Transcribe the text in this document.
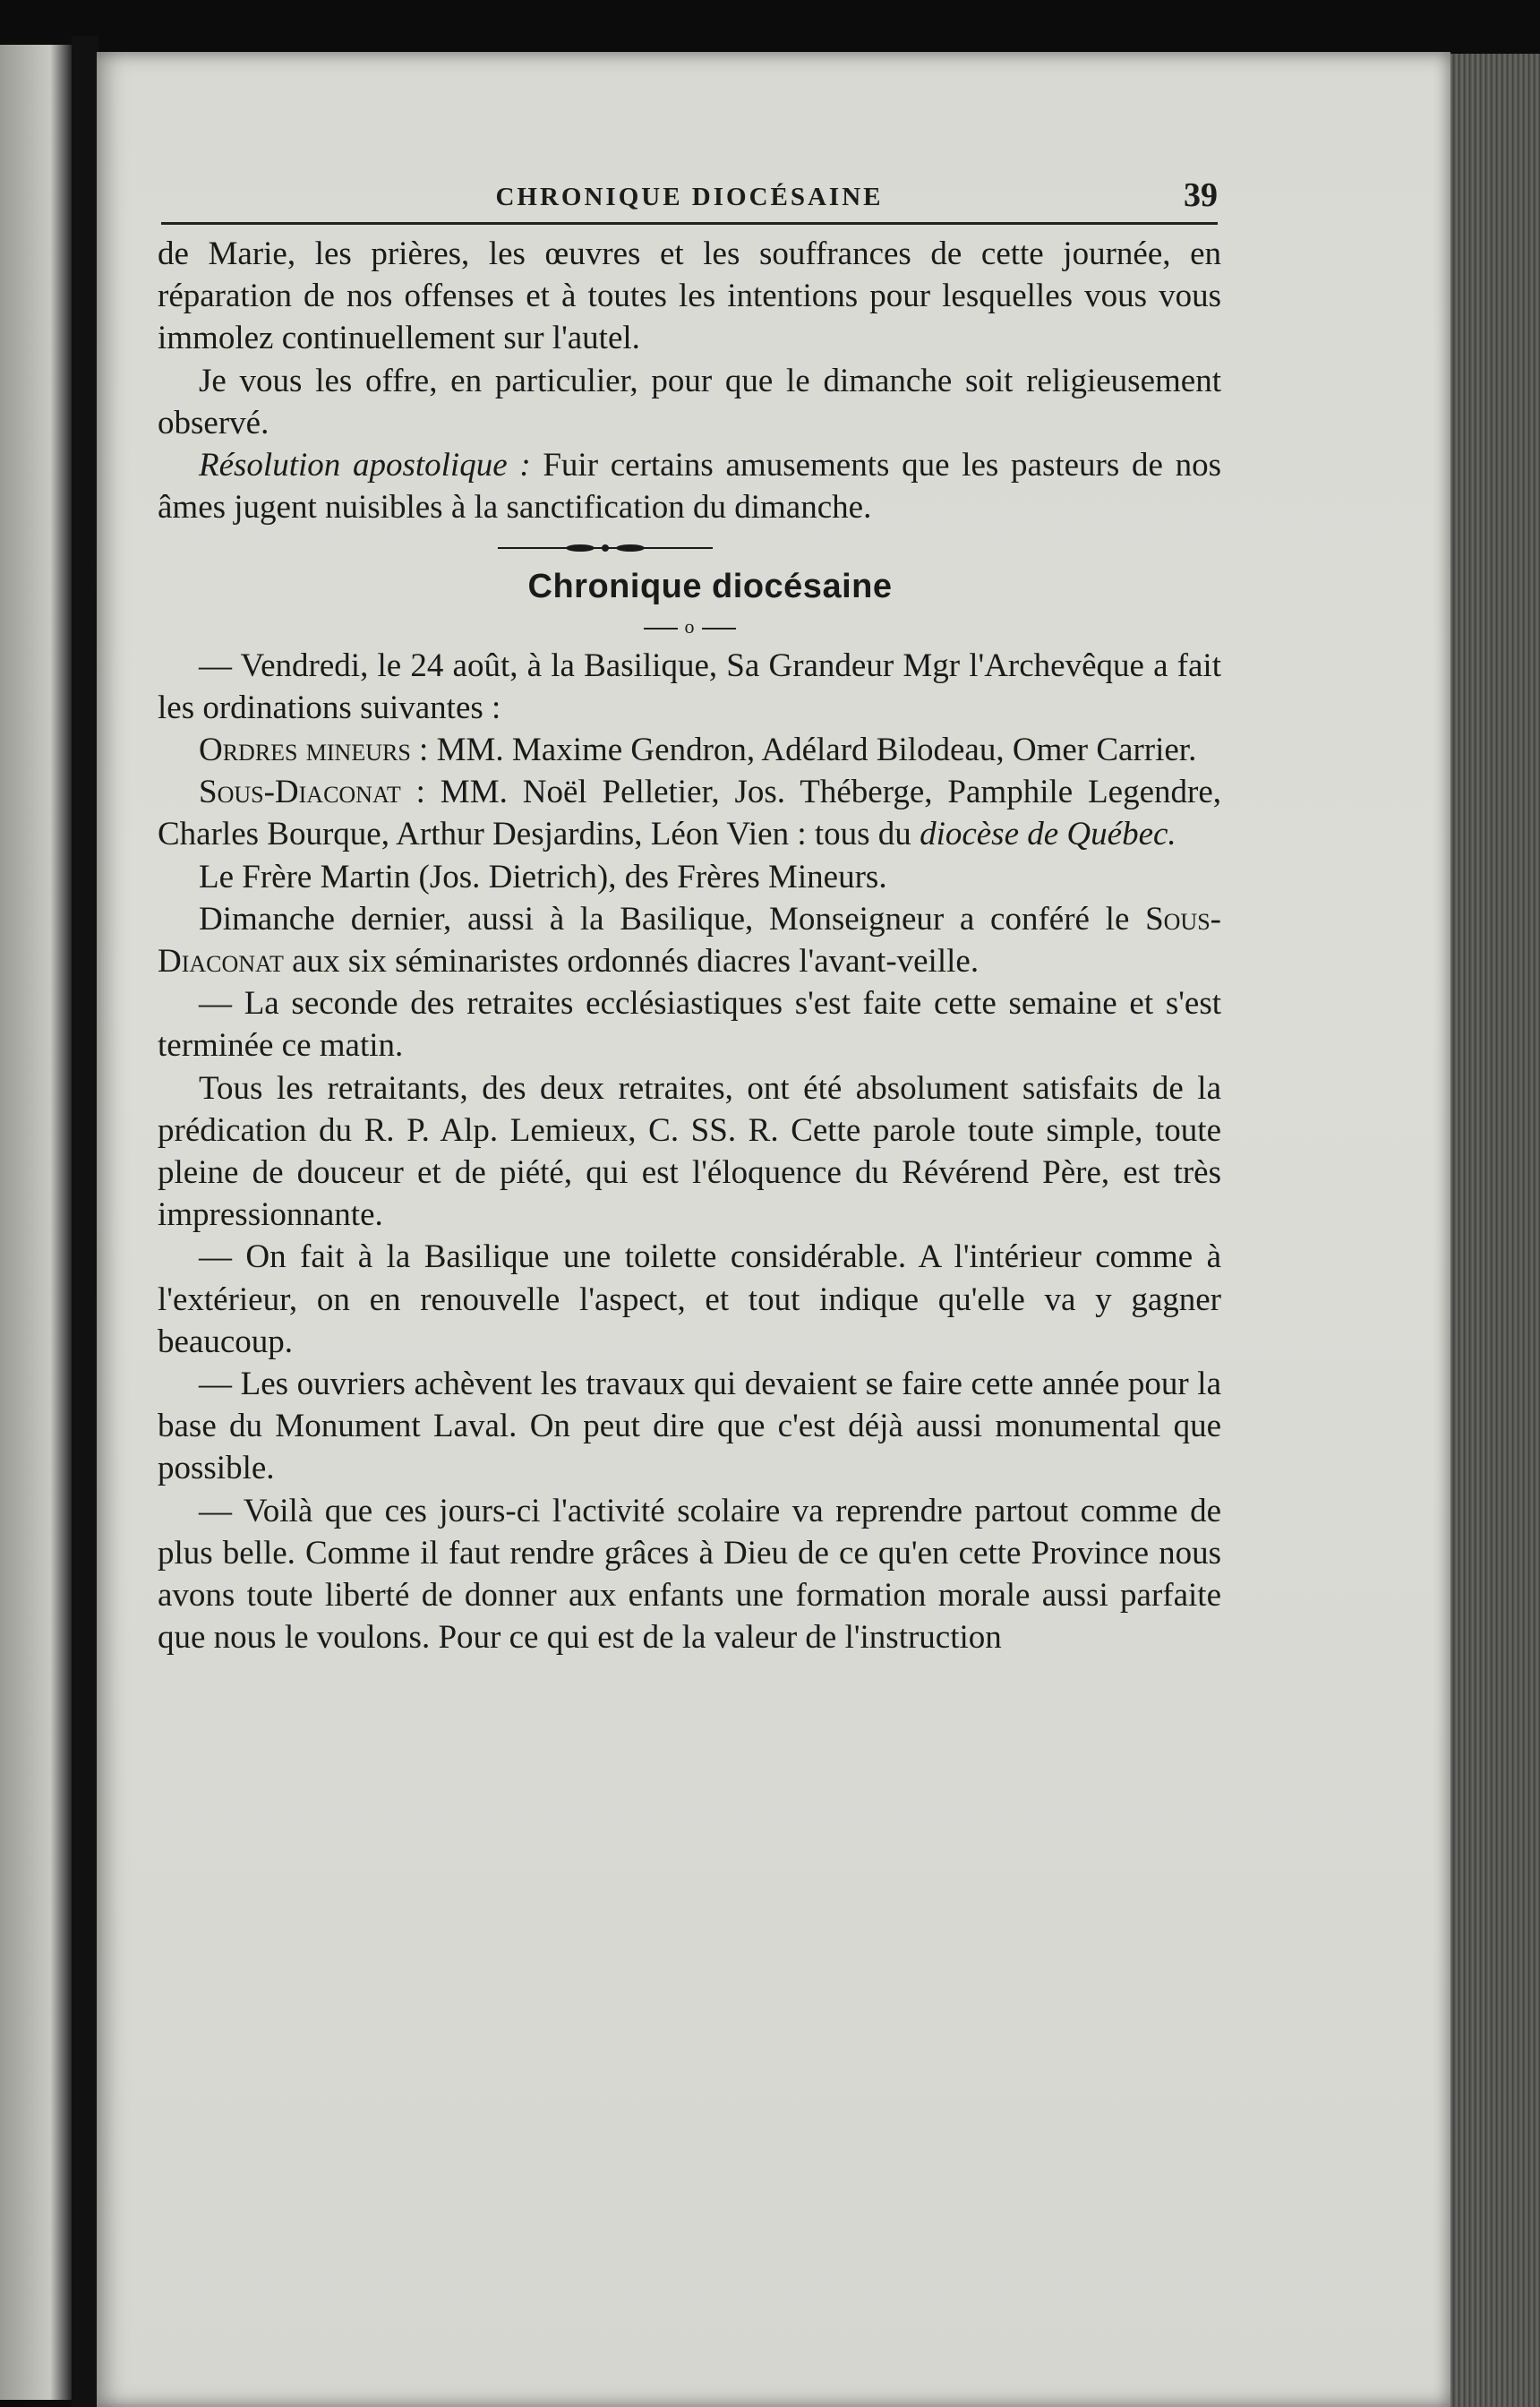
CHRONIQUE DIOCÉSAINE	39

de Marie, les prières, les œuvres et les souffrances de cette journée, en réparation de nos offenses et à toutes les intentions pour lesquelles vous vous immolez continuellement sur l'autel.

Je vous les offre, en particulier, pour que le dimanche soit religieusement observé.

Résolution apostolique : Fuir certains amusements que les pasteurs de nos âmes jugent nuisibles à la sanctification du dimanche.

Chronique diocésaine

o

— Vendredi, le 24 août, à la Basilique, Sa Grandeur Mgr l'Archevêque a fait les ordinations suivantes :

Ordres mineurs : MM. Maxime Gendron, Adélard Bilodeau, Omer Carrier.

Sous-Diaconat : MM. Noël Pelletier, Jos. Théberge, Pamphile Legendre, Charles Bourque, Arthur Desjardins, Léon Vien : tous du diocèse de Québec.

Le Frère Martin (Jos. Dietrich), des Frères Mineurs.

Dimanche dernier, aussi à la Basilique, Monseigneur a conféré le Sous-Diaconat aux six séminaristes ordonnés diacres l'avant-veille.

— La seconde des retraites ecclésiastiques s'est faite cette semaine et s'est terminée ce matin.

Tous les retraitants, des deux retraites, ont été absolument satisfaits de la prédication du R. P. Alp. Lemieux, C. SS. R. Cette parole toute simple, toute pleine de douceur et de piété, qui est l'éloquence du Révérend Père, est très impressionnante.

— On fait à la Basilique une toilette considérable. A l'intérieur comme à l'extérieur, on en renouvelle l'aspect, et tout indique qu'elle va y gagner beaucoup.

— Les ouvriers achèvent les travaux qui devaient se faire cette année pour la base du Monument Laval. On peut dire que c'est déjà aussi monumental que possible.

— Voilà que ces jours-ci l'activité scolaire va reprendre partout comme de plus belle. Comme il faut rendre grâces à Dieu de ce qu'en cette Province nous avons toute liberté de donner aux enfants une formation morale aussi parfaite que nous le voulons. Pour ce qui est de la valeur de l'instruction
